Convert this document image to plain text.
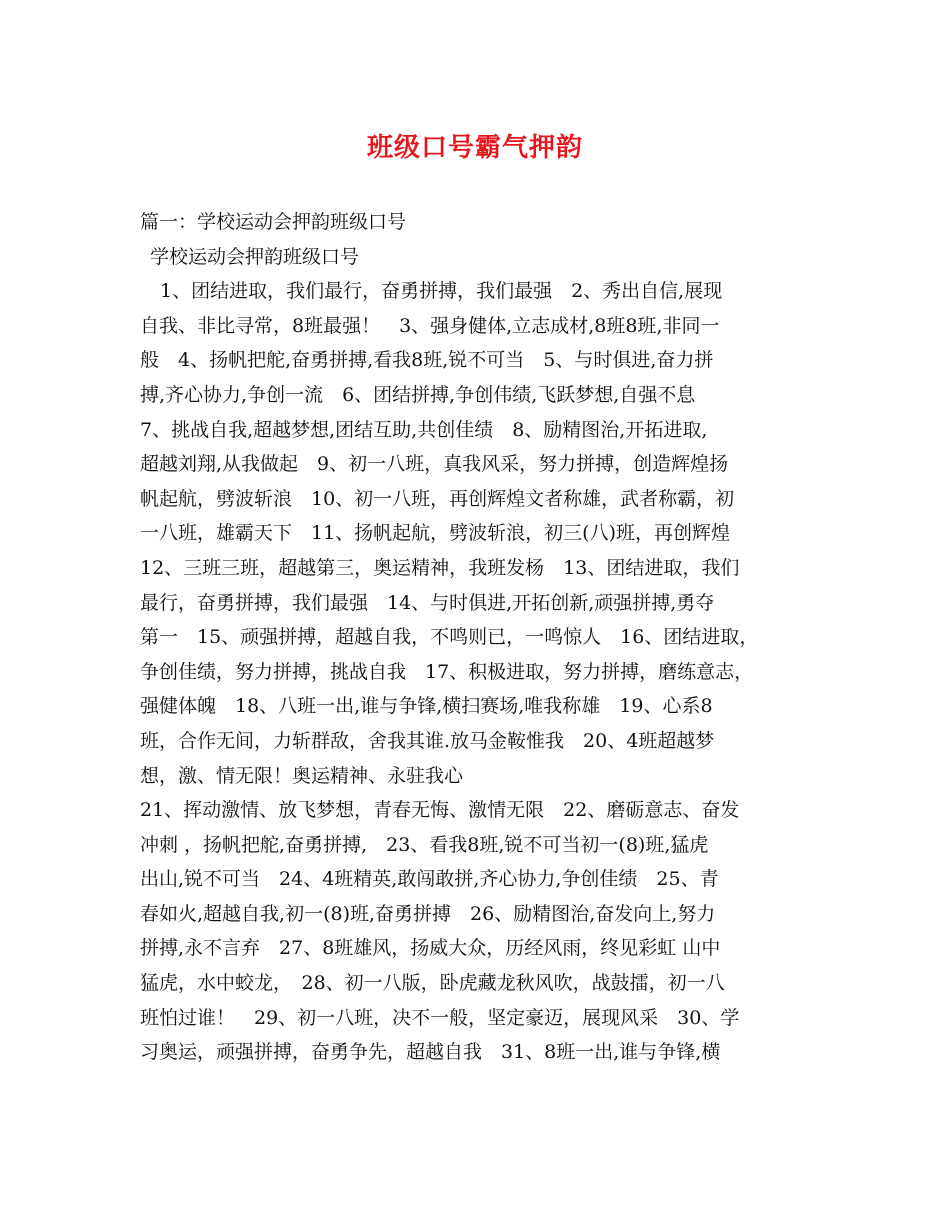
班级口号霸气押韵
篇一：学校运动会押韵班级口号
学校运动会押韵班级口号
1、团结进取，我们最行，奋勇拼搏，我们最强　2、秀出自信,展现
自我、非比寻常，8班最强！　3、强身健体,立志成材,8班8班,非同一
般　4、扬帆把舵,奋勇拼搏,看我8班,锐不可当　5、与时俱进,奋力拼
搏,齐心协力,争创一流　6、团结拼搏,争创伟绩,飞跃梦想,自强不息
7、挑战自我,超越梦想,团结互助,共创佳绩　8、励精图治,开拓进取,
超越刘翔,从我做起　9、初一八班，真我风采，努力拼搏，创造辉煌扬
帆起航，劈波斩浪　10、初一八班，再创辉煌文者称雄，武者称霸，初
一八班，雄霸天下　11、扬帆起航，劈波斩浪，初三(八)班，再创辉煌
12、三班三班，超越第三，奥运精神，我班发杨　13、团结进取，我们
最行，奋勇拼搏，我们最强　14、与时俱进,开拓创新,顽强拼搏,勇夺
第一　15、顽强拼搏，超越自我，不鸣则已，一鸣惊人　16、团结进取，
争创佳绩，努力拼搏，挑战自我　17、积极进取，努力拼搏，磨练意志，
强健体魄　18、八班一出,谁与争锋,横扫赛场,唯我称雄　19、心系8
班，合作无间，力斩群敌，舍我其谁.放马金鞍惟我　20、4班超越梦
想，激、情无限！奥运精神、永驻我心
21、挥动激情、放飞梦想，青春无悔、激情无限　22、磨砺意志、奋发
冲刺 ，扬帆把舵,奋勇拼搏,　23、看我8班,锐不可当初一(8)班,猛虎
出山,锐不可当　24、4班精英,敢闯敢拼,齐心协力,争创佳绩　25、青
春如火,超越自我,初一(8)班,奋勇拼搏　26、励精图治,奋发向上,努力
拼搏,永不言弃　27、8班雄风，扬威大众，历经风雨，终见彩虹 山中
猛虎，水中蛟龙，　28、初一八版，卧虎藏龙秋风吹，战鼓擂，初一八
班怕过谁！　29、初一八班，决不一般，坚定豪迈，展现风采　30、学
习奥运，顽强拼搏，奋勇争先，超越自我　31、8班一出,谁与争锋,横
